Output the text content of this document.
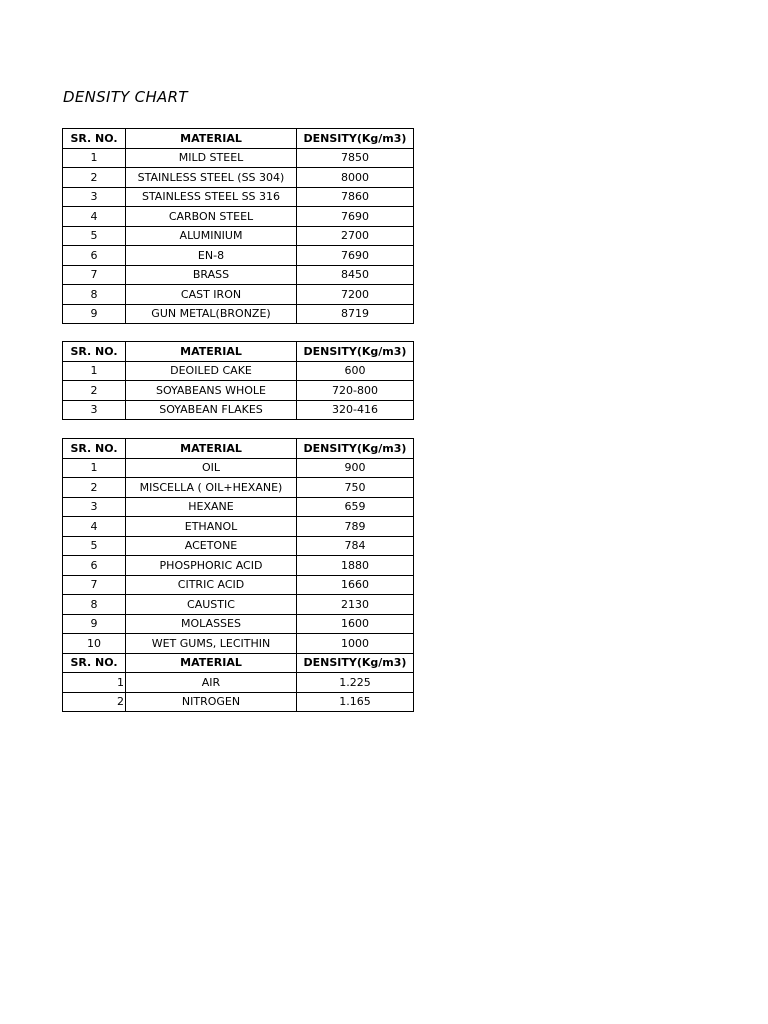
DENSITY CHART
SR. NO.	MATERIAL	DENSITY(Kg/m3)
1	MILD STEEL	7850
2	STAINLESS STEEL (SS 304)	8000
3	STAINLESS STEEL SS 316	7860
4	CARBON STEEL	7690
5	ALUMINIUM	2700
6	EN-8	7690
7	BRASS	8450
8	CAST IRON	7200
9	GUN METAL(BRONZE)	8719
SR. NO.	MATERIAL	DENSITY(Kg/m3)
1	DEOILED CAKE	600
2	SOYABEANS WHOLE	720-800
3	SOYABEAN FLAKES	320-416
SR. NO.	MATERIAL	DENSITY(Kg/m3)
1	OIL	900
2	MISCELLA ( OIL+HEXANE)	750
3	HEXANE	659
4	ETHANOL	789
5	ACETONE	784
6	PHOSPHORIC ACID	1880
7	CITRIC ACID	1660
8	CAUSTIC	2130
9	MOLASSES	1600
10	WET GUMS, LECITHIN	1000
SR. NO.	MATERIAL	DENSITY(Kg/m3)
1	AIR	1.225
2	NITROGEN	1.165
